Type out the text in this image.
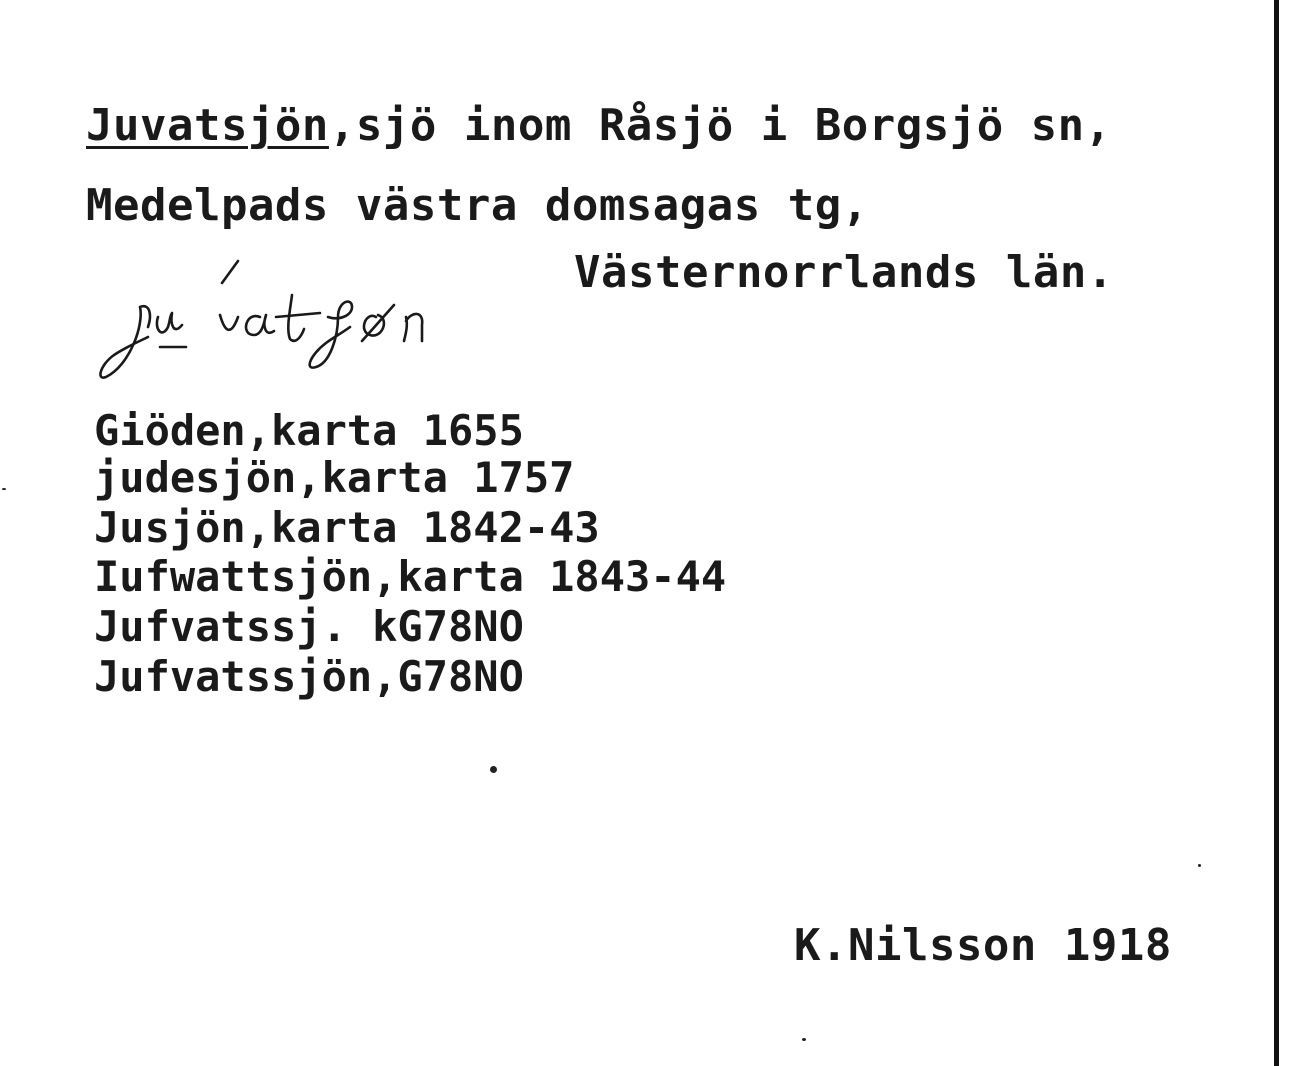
Juvatsjön,sjö inom Råsjö i Borgsjö sn,
Medelpads västra domsagas tg,
Västernorrlands län.
Giöden,karta 1655
judesjön,karta 1757
Jusjön,karta 1842-43
Iufwattsjön,karta 1843-44
Jufvatssj. kG78NO
Jufvatssjön,G78NO
K.Nilsson 1918
